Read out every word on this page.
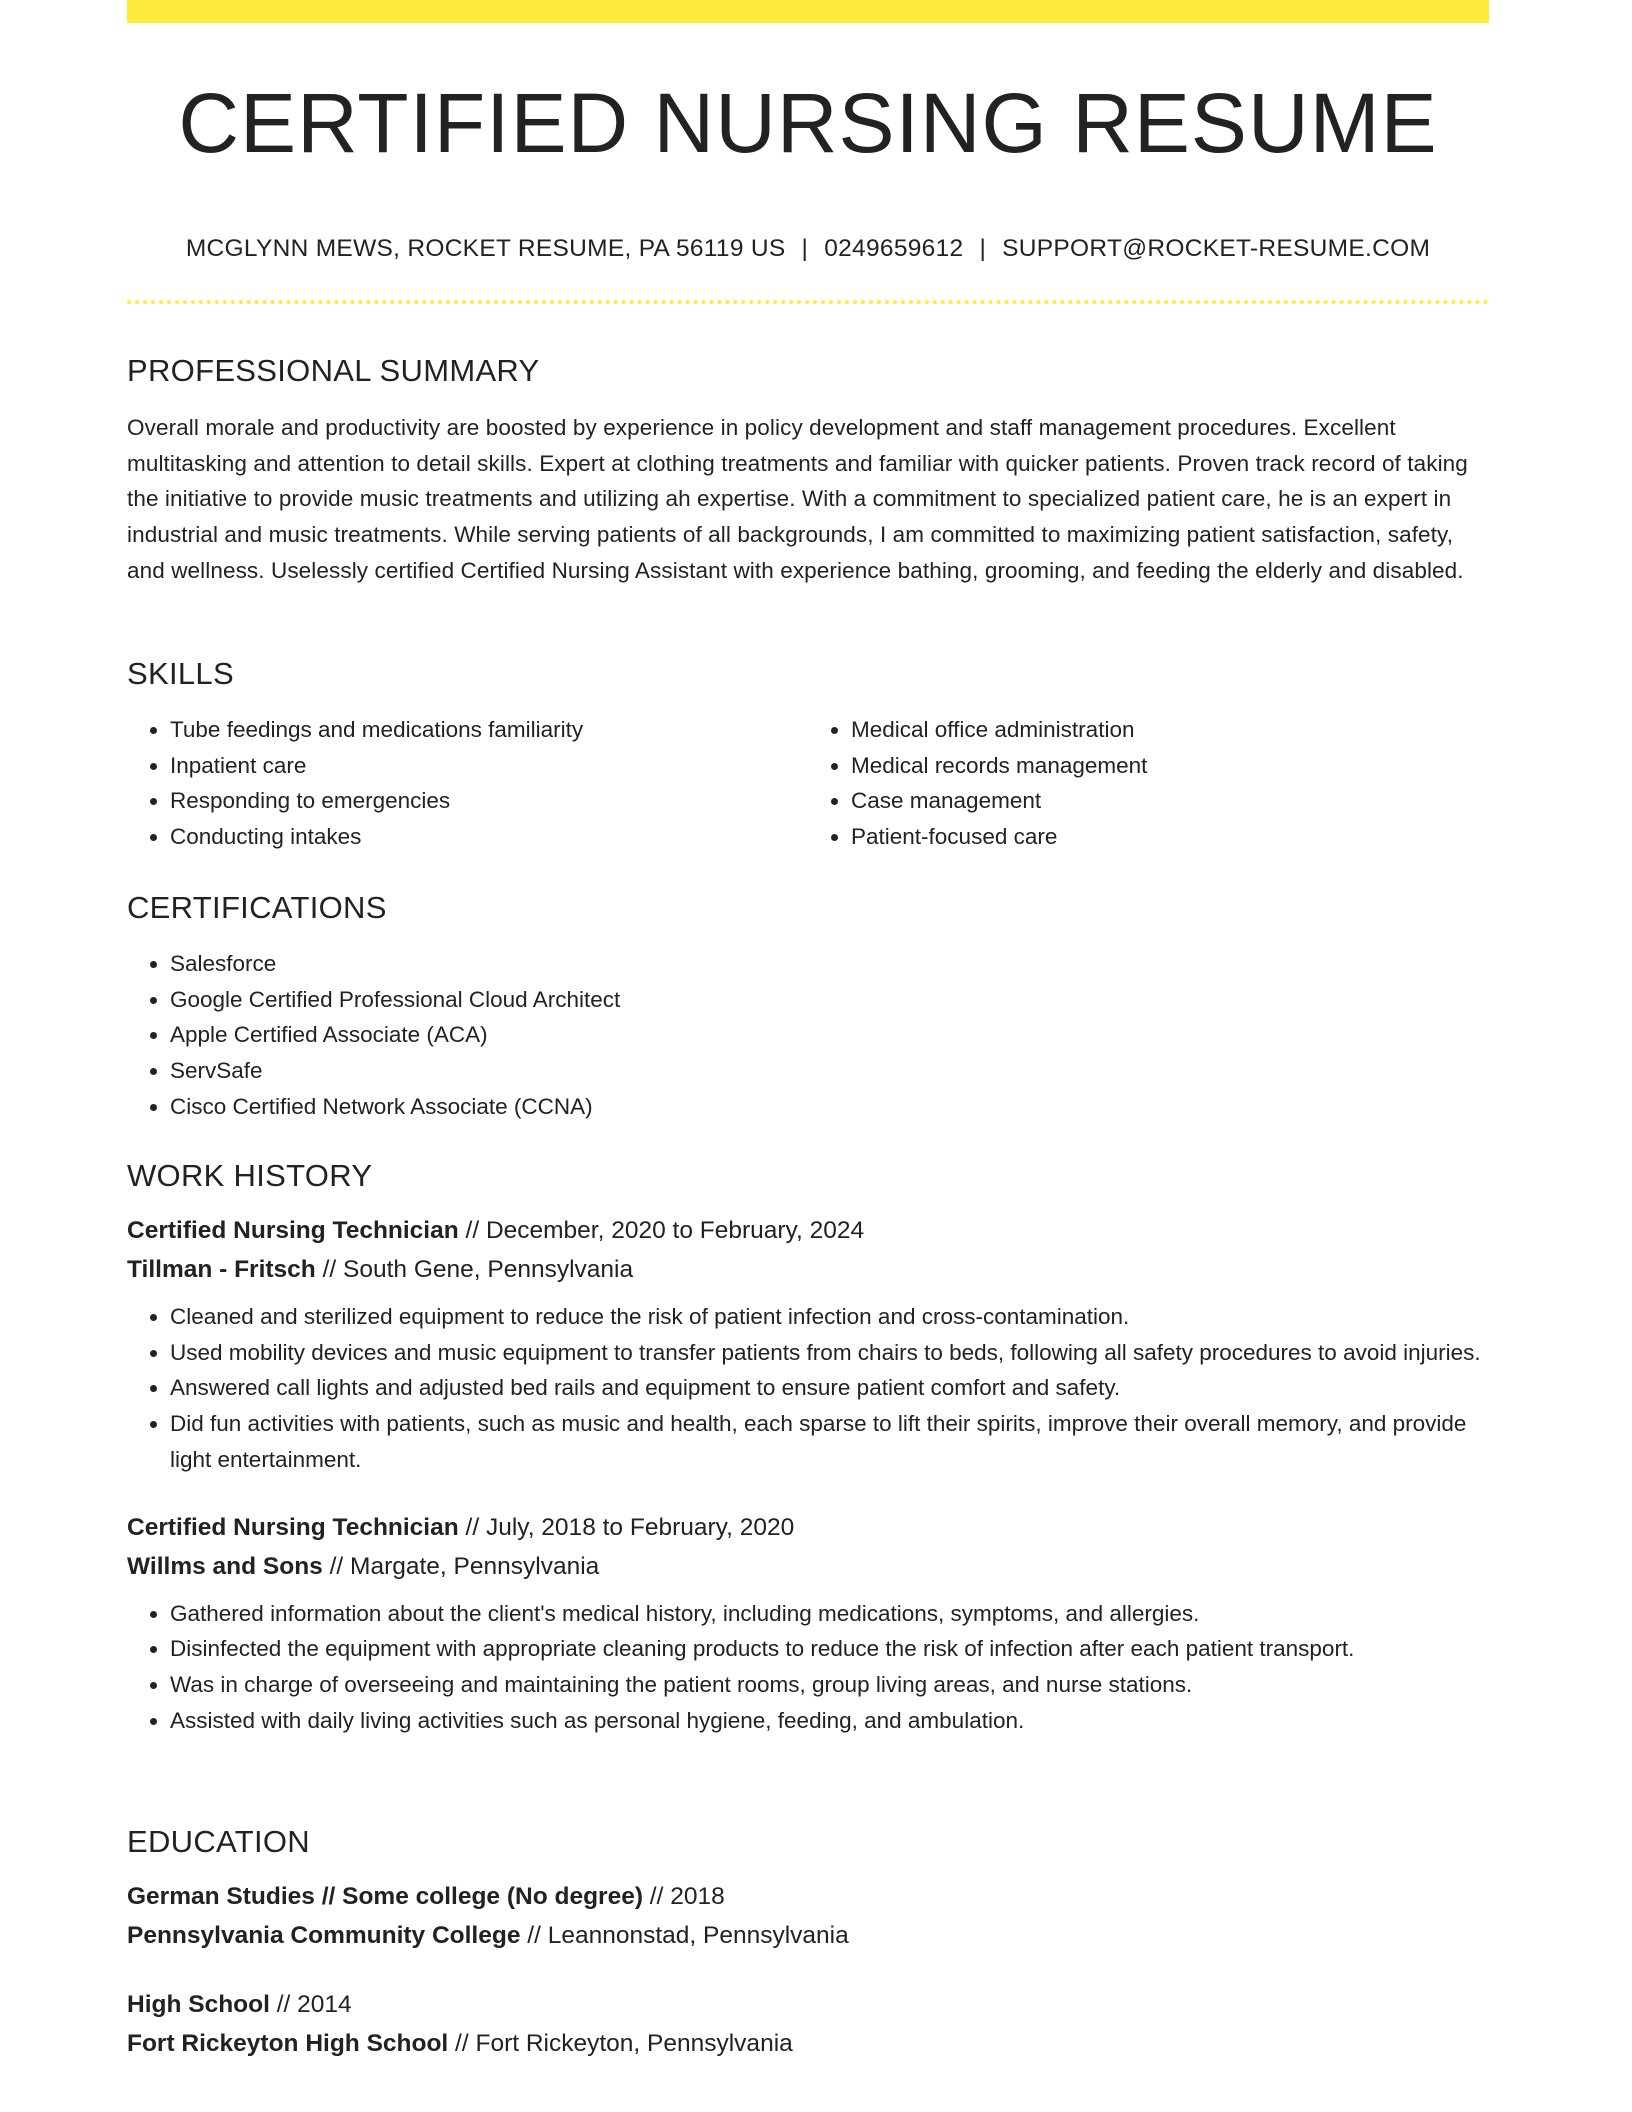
CERTIFIED NURSING RESUME
MCGLYNN MEWS, ROCKET RESUME, PA 56119 US | 0249659612 | SUPPORT@ROCKET-RESUME.COM
PROFESSIONAL SUMMARY

Overall morale and productivity are boosted by experience in policy development and staff management procedures. Excellent multitasking and attention to detail skills. Expert at clothing treatments and familiar with quicker patients. Proven track record of taking the initiative to provide music treatments and utilizing ah expertise. With a commitment to specialized patient care, he is an expert in industrial and music treatments. While serving patients of all backgrounds, I am committed to maximizing patient satisfaction, safety, and wellness. Uselessly certified Certified Nursing Assistant with experience bathing, grooming, and feeding the elderly and disabled.

SKILLS
• Tube feedings and medications familiarity
• Inpatient care
• Responding to emergencies
• Conducting intakes
• Medical office administration
• Medical records management
• Case management
• Patient-focused care
CERTIFICATIONS
• Salesforce
• Google Certified Professional Cloud Architect
• Apple Certified Associate (ACA)
• ServSafe
• Cisco Certified Network Associate (CCNA)
WORK HISTORY

Certified Nursing Technician // December, 2020 to February, 2024

Tillman - Fritsch // South Gene, Pennsylvania

• Cleaned and sterilized equipment to reduce the risk of patient infection and cross-contamination.
• Used mobility devices and music equipment to transfer patients from chairs to beds, following all safety procedures to avoid injuries.
• Answered call lights and adjusted bed rails and equipment to ensure patient comfort and safety.
• Did fun activities with patients, such as music and health, each sparse to lift their spirits, improve their overall memory, and provide light entertainment.

Certified Nursing Technician // July, 2018 to February, 2020

Willms and Sons // Margate, Pennsylvania

• Gathered information about the client's medical history, including medications, symptoms, and allergies.
• Disinfected the equipment with appropriate cleaning products to reduce the risk of infection after each patient transport.
• Was in charge of overseeing and maintaining the patient rooms, group living areas, and nurse stations.
• Assisted with daily living activities such as personal hygiene, feeding, and ambulation.
EDUCATION

German Studies // Some college (No degree) // 2018

Pennsylvania Community College // Leannonstad, Pennsylvania

High School // 2014

Fort Rickeyton High School // Fort Rickeyton, Pennsylvania
